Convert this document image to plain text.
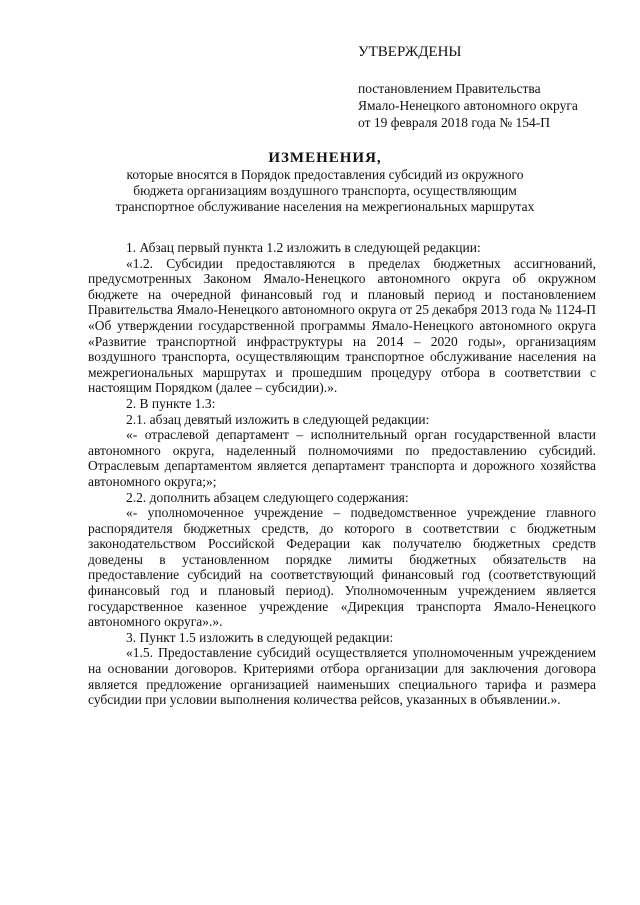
УТВЕРЖДЕНЫ
постановлением Правительства
Ямало-Ненецкого автономного округа
от 19 февраля 2018 года № 154-П
ИЗМЕНЕНИЯ,
которые вносятся в Порядок предоставления субсидий из окружного
бюджета организациям воздушного транспорта, осуществляющим
транспортное обслуживание населения на межрегиональных маршрутах

1. Абзац первый пункта 1.2 изложить в следующей редакции:

«1.2. Субсидии предоставляются в пределах бюджетных ассигнований, предусмотренных Законом Ямало-Ненецкого автономного округа об окружном бюджете на очередной финансовый год и плановый период и постановлением Правительства Ямало-Ненецкого автономного округа от 25 декабря 2013 года № 1124-П «Об утверждении государственной программы Ямало-Ненецкого автономного округа «Развитие транспортной инфраструктуры на 2014 – 2020 годы», организациям воздушного транспорта, осуществляющим транспортное обслуживание населения на межрегиональных маршрутах и прошедшим процедуру отбора в соответствии с настоящим Порядком (далее – субсидии).».

2. В пункте 1.3:

2.1. абзац девятый изложить в следующей редакции:

«- отраслевой департамент – исполнительный орган государственной власти автономного округа, наделенный полномочиями по предоставлению субсидий. Отраслевым департаментом является департамент транспорта и дорожного хозяйства автономного округа;»;

2.2. дополнить абзацем следующего содержания:

«- уполномоченное учреждение – подведомственное учреждение главного распорядителя бюджетных средств, до которого в соответствии с бюджетным законодательством Российской Федерации как получателю бюджетных средств доведены в установленном порядке лимиты бюджетных обязательств на предоставление субсидий на соответствующий финансовый год (соответствующий финансовый год и плановый период). Уполномоченным учреждением является государственное казенное учреждение «Дирекция транспорта Ямало-Ненецкого автономного округа».».

3. Пункт 1.5 изложить в следующей редакции:

«1.5. Предоставление субсидий осуществляется уполномоченным учреждением на основании договоров. Критериями отбора организации для заключения договора является предложение организацией наименьших специального тарифа и размера субсидии при условии выполнения количества рейсов, указанных в объявлении.».
